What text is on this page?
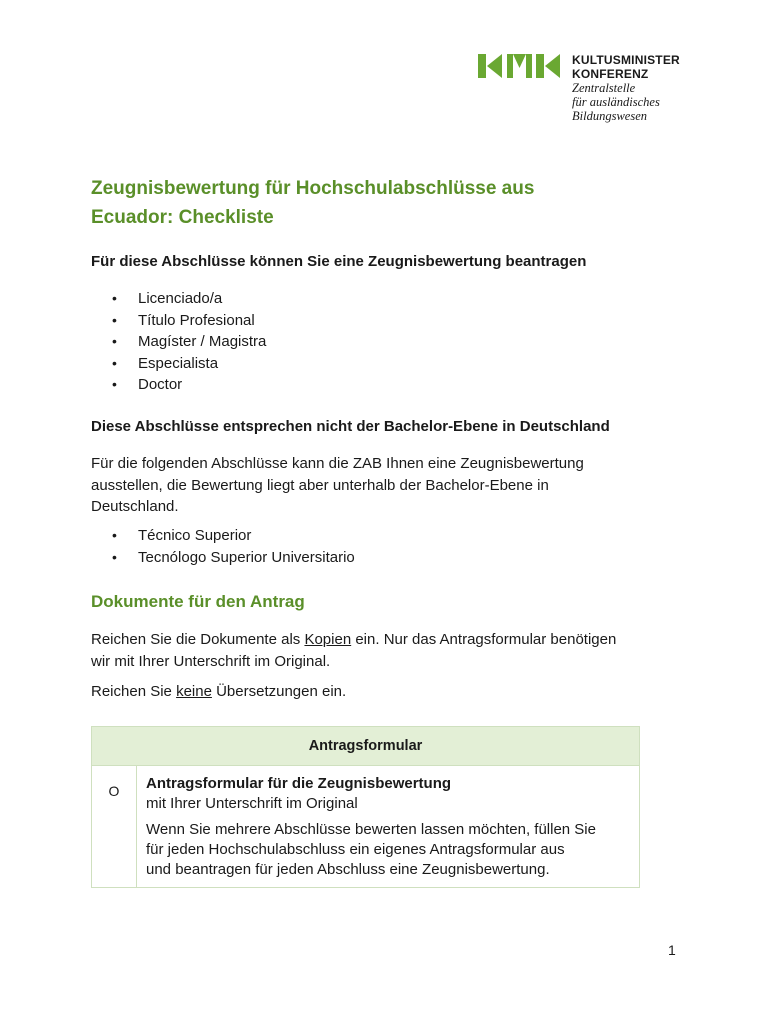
KULTUSMINISTER
KONFERENZ
Zentralstelle
für ausländisches
Bildungswesen
Zeugnisbewertung für Hochschulabschlüsse aus
Ecuador: Checkliste
Für diese Abschlüsse können Sie eine Zeugnisbewertung beantragen
• Licenciado/a
• Título Profesional
• Magíster / Magistra
• Especialista
• Doctor
Diese Abschlüsse entsprechen nicht der Bachelor-Ebene in Deutschland

Für die folgenden Abschlüsse kann die ZAB Ihnen eine Zeugnisbewertung
ausstellen, die Bewertung liegt aber unterhalb der Bachelor-Ebene in
Deutschland.

• Técnico Superior
• Tecnólogo Superior Universitario
Dokumente für den Antrag

Reichen Sie die Dokumente als Kopien ein. Nur das Antragsformular benötigen
wir mit Ihrer Unterschrift im Original.

Reichen Sie keine Übersetzungen ein.

Antragsformular
O	Antragsformular für die Zeugnisbewertung
mit Ihrer Unterschrift im Original
Wenn Sie mehrere Abschlüsse bewerten lassen möchten, füllen Sie
für jeden Hochschulabschluss ein eigenes Antragsformular aus
und beantragen für jeden Abschluss eine Zeugnisbewertung.
1
